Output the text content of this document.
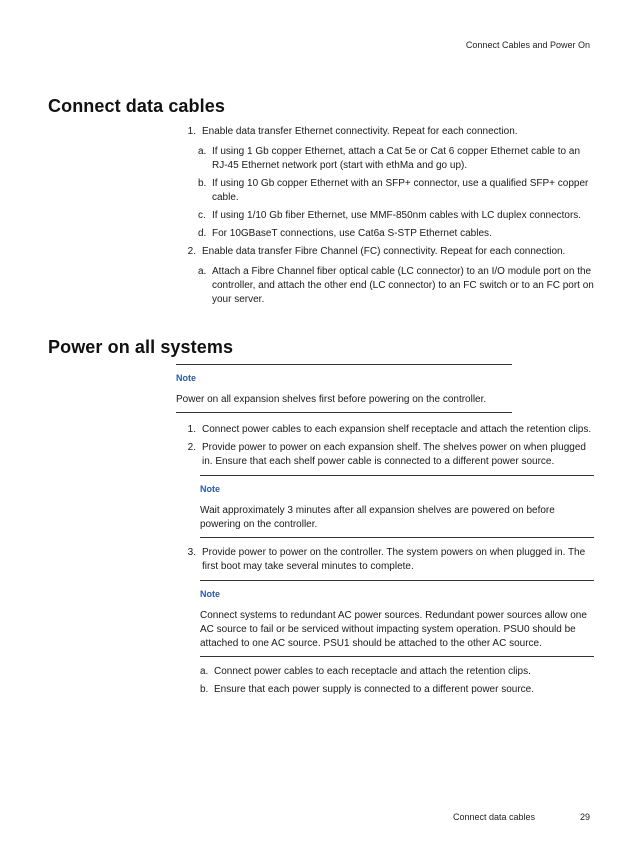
Connect Cables and Power On
Connect data cables
1. Enable data transfer Ethernet connectivity. Repeat for each connection.
a. If using 1 Gb copper Ethernet, attach a Cat 5e or Cat 6 copper Ethernet cable to an RJ-45 Ethernet network port (start with ethMa and go up).
b. If using 10 Gb copper Ethernet with an SFP+ connector, use a qualified SFP+ copper cable.
c. If using 1/10 Gb fiber Ethernet, use MMF-850nm cables with LC duplex connectors.
d. For 10GBaseT connections, use Cat6a S-STP Ethernet cables.
2. Enable data transfer Fibre Channel (FC) connectivity. Repeat for each connection.
a. Attach a Fibre Channel fiber optical cable (LC connector) to an I/O module port on the controller, and attach the other end (LC connector) to an FC switch or to an FC port on your server.
Power on all systems
Note
Power on all expansion shelves first before powering on the controller.
1. Connect power cables to each expansion shelf receptacle and attach the retention clips.
2. Provide power to power on each expansion shelf. The shelves power on when plugged in. Ensure that each shelf power cable is connected to a different power source.
Note
Wait approximately 3 minutes after all expansion shelves are powered on before powering on the controller.
3. Provide power to power on the controller. The system powers on when plugged in. The first boot may take several minutes to complete.
Note
Connect systems to redundant AC power sources. Redundant power sources allow one AC source to fail or be serviced without impacting system operation. PSU0 should be attached to one AC source. PSU1 should be attached to the other AC source.
a. Connect power cables to each receptacle and attach the retention clips.
b. Ensure that each power supply is connected to a different power source.
Connect data cables	29
